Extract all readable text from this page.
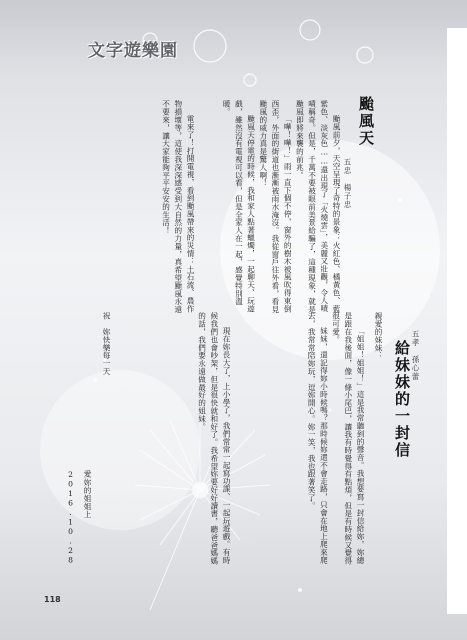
文字遊樂園
颱風天
五忠　楊子忠

颱風前夕，天空呈現了奇特的景象：火紅色、橘黃色、藍紫色、淡灰色……還出現了「火燒雲」，美麗又壯觀，令人嘖嘖稱奇。但是，千萬不要被眼前美景給騙了，這種現象，就是颱風即將來襲的前兆。

「嘩！嘩！」雨一直下個不停，窗外的樹木被風吹得東倒西歪，外面的街道也漸漸被雨水淹沒。我從窗戶往外看，看見颱風的威力真是驚人啊！

颱風天停電的時候，我和家人點著蠟燭，一起聊天、玩遊戲，雖然沒有電視可以看，但是全家人在一起，感覺特別溫暖。

電來了！打開電視，看到颱風帶來的災情：土石流、農作物損壞等，這使我深深感受到大自然的力量，真希望颱風永遠不要來，讓大家能夠平平安安的生活！

五孝　孫心蕾
給妹妹的一封信
親愛的妹妹：

「姐姐！姐姐！」這是我常聽到的聲音。我想要寫一封信給妳，妳總是跟在我後面，像一條小尾巴，讓我有時覺得有點煩，但是有時候又覺得很可愛。

妹妹，還記得妳小時候嗎？那時候妳還不會走路，只會在地上爬來爬去，我常常陪妳玩，逗妳開心。妳一笑，我也跟著笑了。

現在妳長大了，上小學了，我們常常一起寫功課、一起玩遊戲。有時候我們也會吵架，但是很快就和好了。我希望妳要好好讀書，聽爸爸媽媽的話，我們要永遠做最好的姐妹。

祝　妳快樂每一天
愛妳的姐姐上
2016.10.28
118
